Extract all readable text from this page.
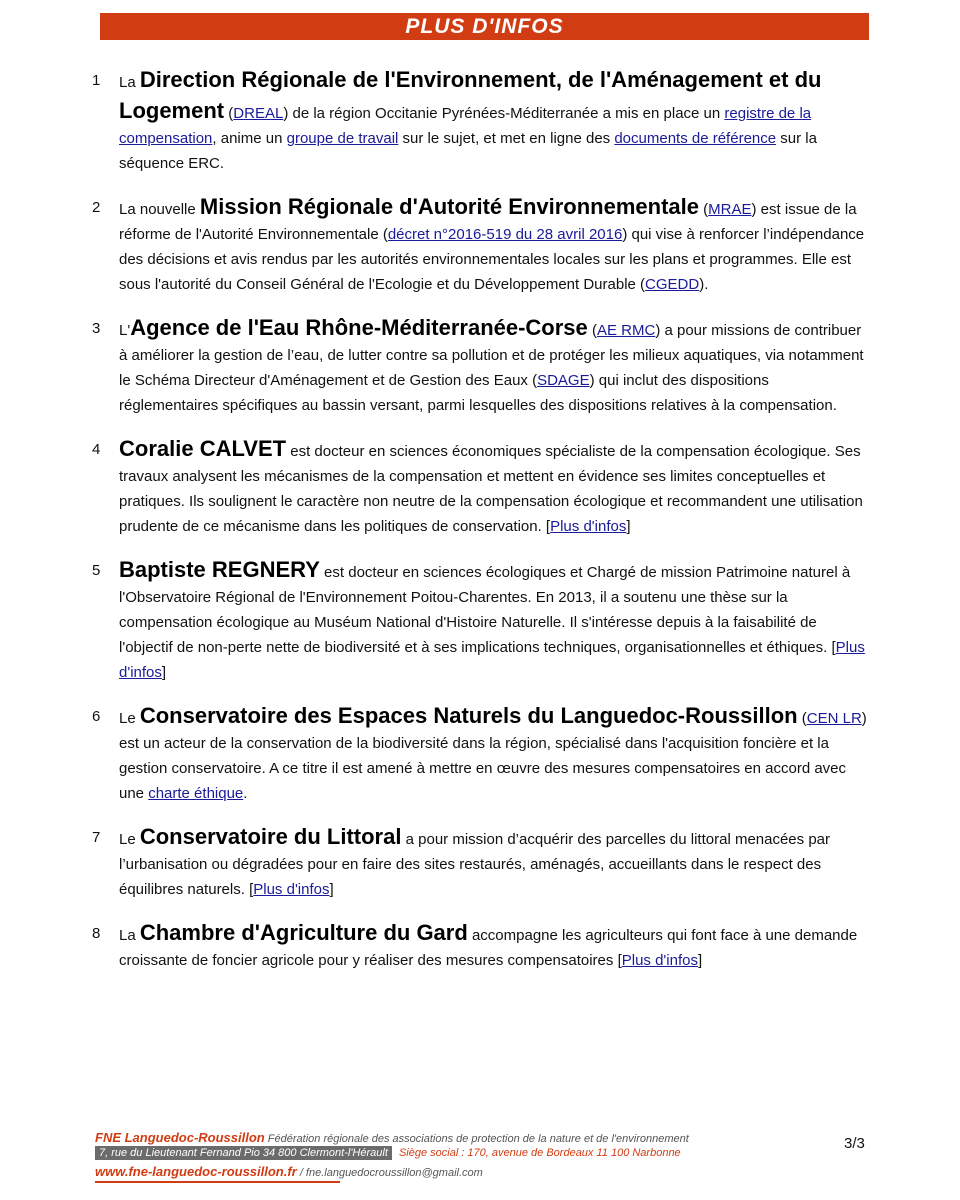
PLUS D'INFOS
1	La Direction Régionale de l'Environnement, de l'Aménagement et du Logement (DREAL) de la région Occitanie Pyrénées-Méditerranée a mis en place un registre de la compensation, anime un groupe de travail sur le sujet, et met en ligne des documents de référence sur la séquence ERC.
2	La nouvelle Mission Régionale d'Autorité Environnementale (MRAE) est issue de la réforme de l'Autorité Environnementale (décret n°2016-519 du 28 avril 2016) qui vise à renforcer l’indépendance des décisions et avis rendus par les autorités environnementales locales sur les plans et programmes. Elle est sous l'autorité du Conseil Général de l'Ecologie et du Développement Durable (CGEDD).
3	L'Agence de l'Eau Rhône-Méditerranée-Corse (AE RMC) a pour missions de contribuer à améliorer la gestion de l’eau, de lutter contre sa pollution et de protéger les milieux aquatiques, via notamment le Schéma Directeur d'Aménagement et de Gestion des Eaux (SDAGE) qui inclut des dispositions réglementaires spécifiques au bassin versant, parmi lesquelles des dispositions relatives à la compensation.
4 Coralie CALVET est docteur en sciences économiques spécialiste de la compensation écologique. Ses travaux analysent les mécanismes de la compensation et mettent en évidence ses limites conceptuelles et pratiques. Ils soulignent le caractère non neutre de la compensation écologique et recommandent une utilisation prudente de ce mécanisme dans les politiques de conservation. [Plus d'infos]
5 Baptiste REGNERY est docteur en sciences écologiques et Chargé de mission Patrimoine naturel à l'Observatoire Régional de l'Environnement Poitou-Charentes. En 2013, il a soutenu une thèse sur la compensation écologique au Muséum National d'Histoire Naturelle. Il s'intéresse depuis à la faisabilité de l'objectif de non-perte nette de biodiversité et à ses implications techniques, organisationnelles et éthiques. [Plus d'infos]
6	Le Conservatoire des Espaces Naturels du Languedoc-Roussillon (CEN LR) est un acteur de la conservation de la biodiversité dans la région, spécialisé dans l'acquisition foncière et la gestion conservatoire. A ce titre il est amené à mettre en œuvre des mesures compensatoires en accord avec une charte éthique.
7	Le Conservatoire du Littoral a pour mission d’acquérir des parcelles du littoral menacées par l’urbanisation ou dégradées pour en faire des sites restaurés, aménagés, accueillants dans le respect des équilibres naturels. [Plus d'infos]
8	La Chambre d'Agriculture du Gard accompagne les agriculteurs qui font face à une demande croissante de foncier agricole pour y réaliser des mesures compensatoires [Plus d'infos]
FNE Languedoc-Roussillon Fédération régionale des associations de protection de la nature et de l'environnement
7, rue du Lieutenant Fernand Pio 34 800 Clermont-l'Hérault Siège social : 170, avenue de Bordeaux 11 100 Narbonne
www.fne-languedoc-roussillon.fr / fne.languedocroussillon@gmail.com
3/3
